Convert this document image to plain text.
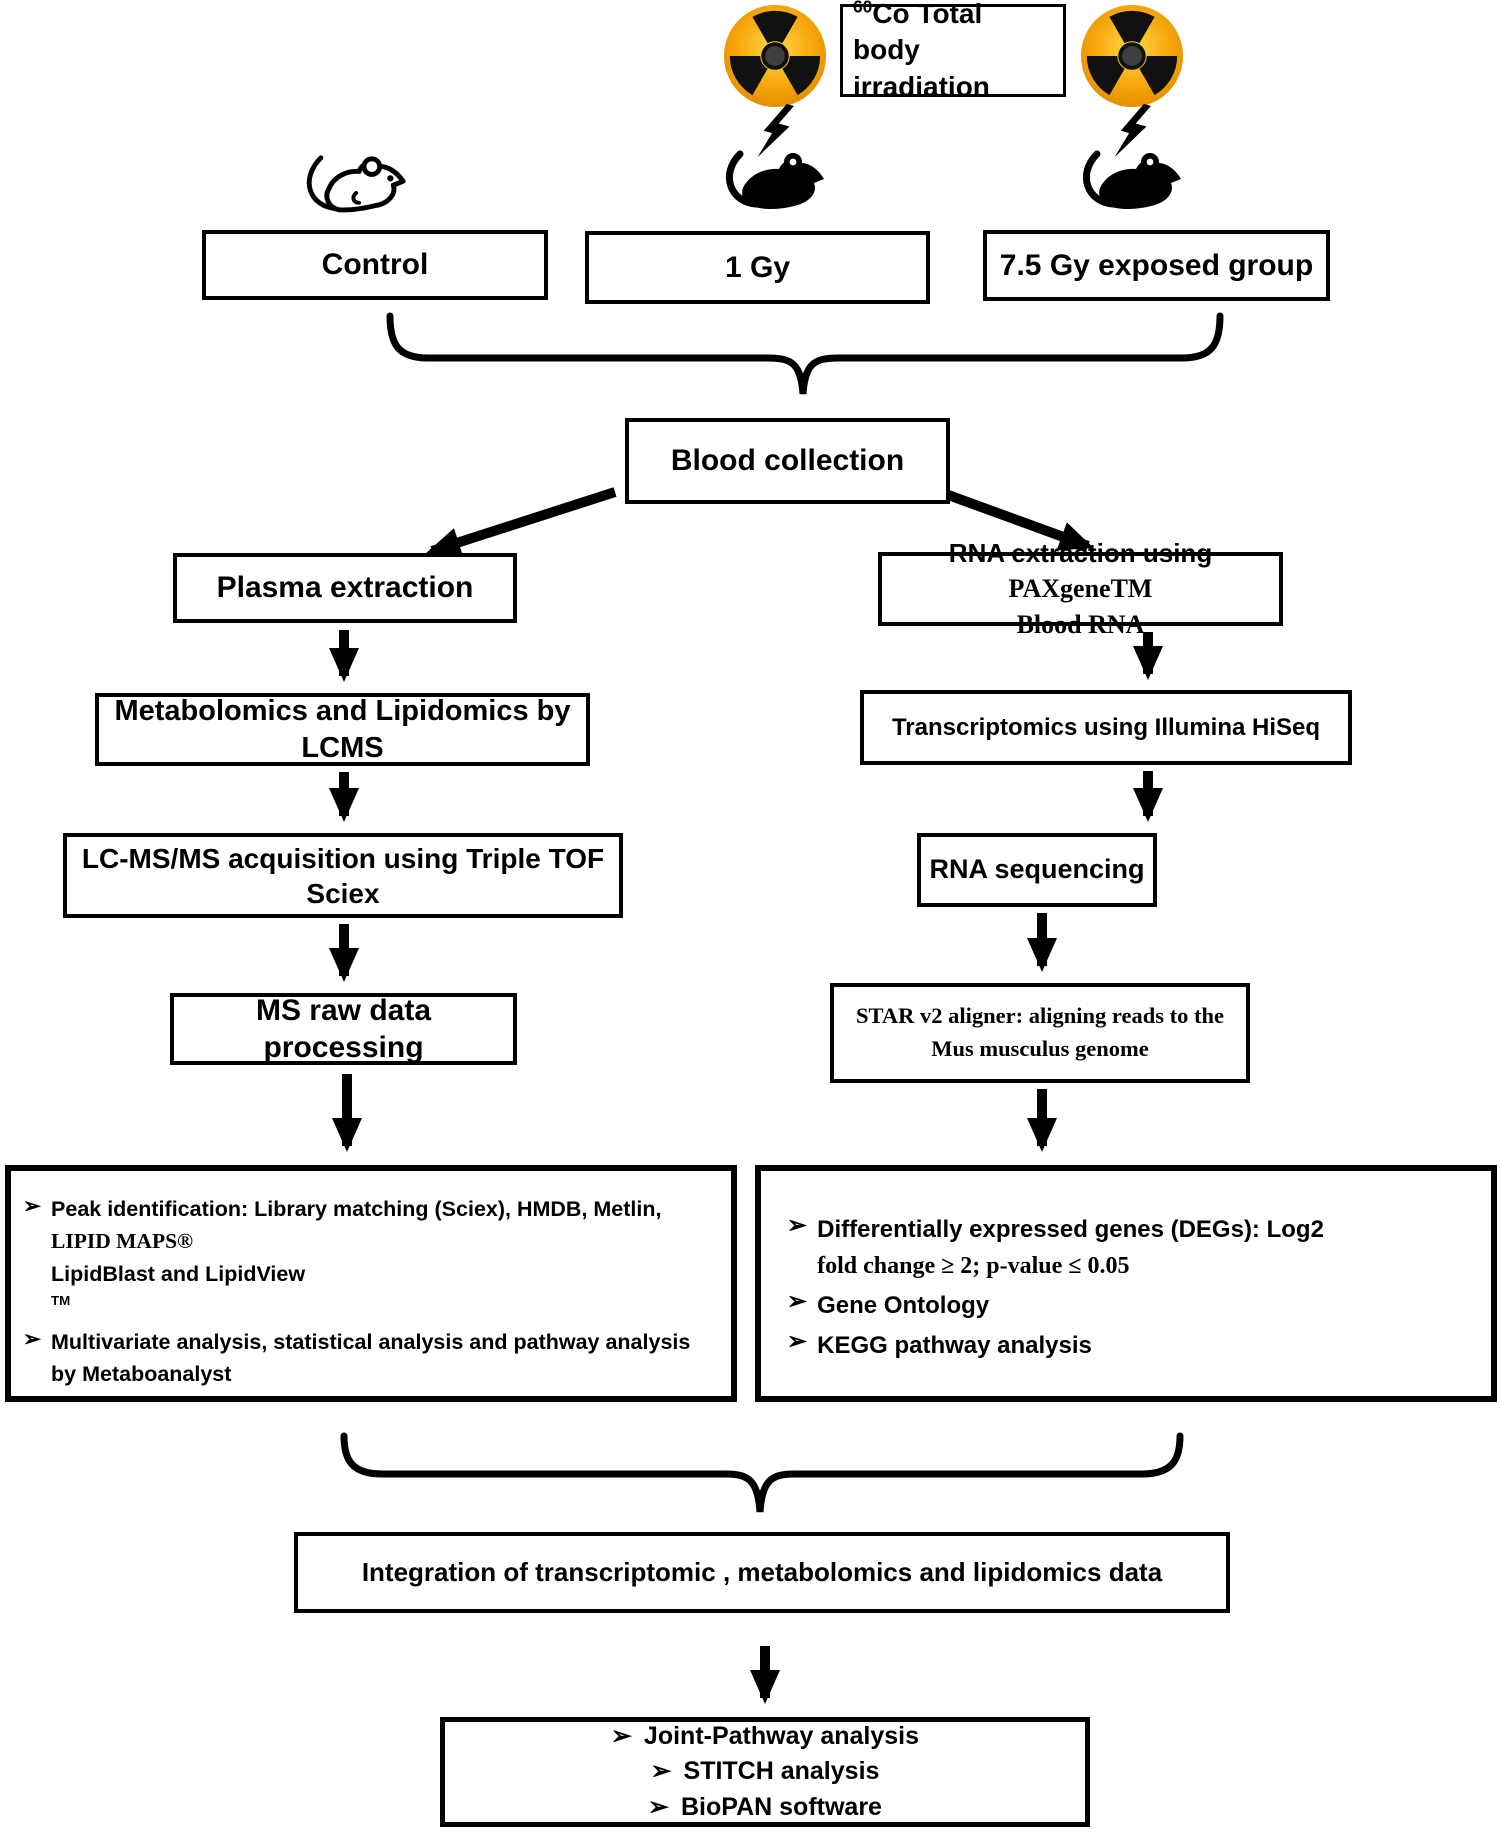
$^{60}$Co Total body irradiation
Control	1 Gy	7.5 Gy exposed group
Blood collection
Plasma extraction
Metabolomics and Lipidomics by
LCMS
LC-MS/MS acquisition using Triple TOF
Sciex
MS raw data processing
RNA extraction using PAXgeneTM
Blood RNA
Transcriptomics using Illumina HiSeq
RNA sequencing
STAR v2 aligner: aligning reads to the
Mus musculus genome
➢ Peak identification: Library matching (Sciex), HMDB, Metlin,
LIPID MAPS®
LipidBlast and LipidView
™
➢ Multivariate analysis, statistical analysis and pathway analysis
by Metaboanalyst
➢ Differentially expressed genes (DEGs): Log2
fold change ≥ 2; p-value ≤ 0.05
➢ Gene Ontology
➢ KEGG pathway analysis
Integration of transcriptomic , metabolomics and lipidomics data
➢ Joint-Pathway analysis
➢ STITCH analysis
➢ BioPAN software
